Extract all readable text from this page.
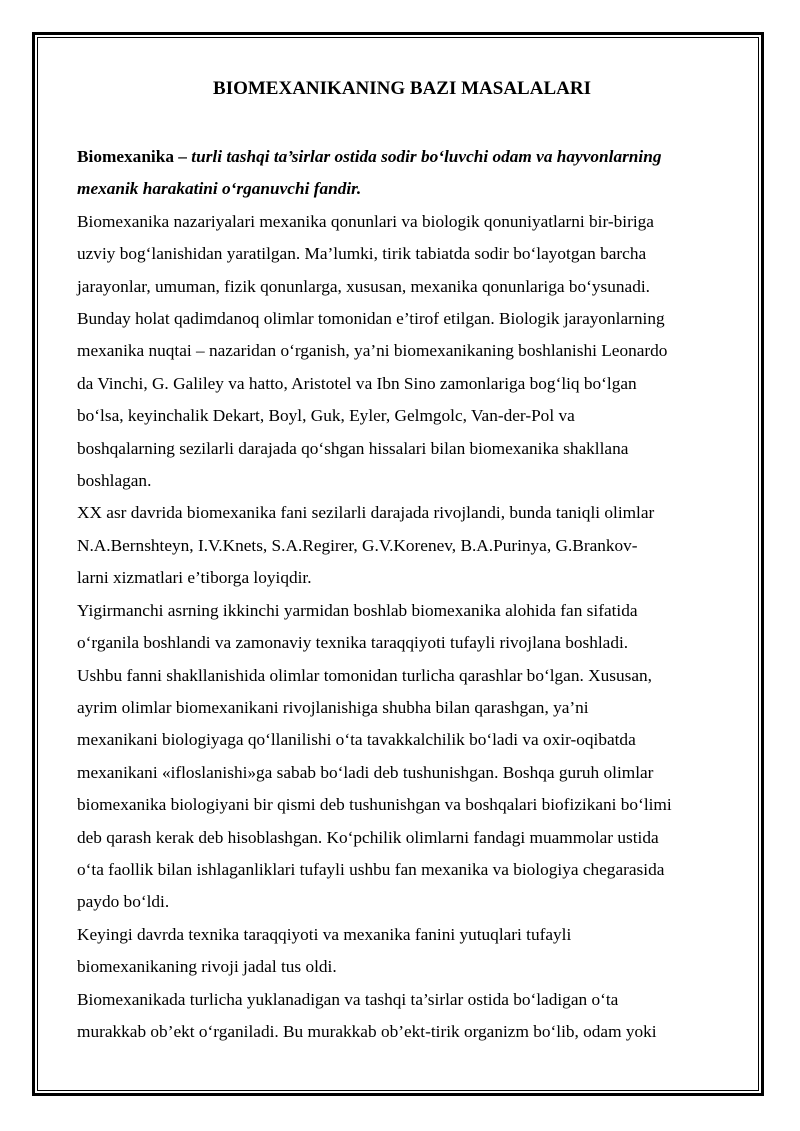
BIOMEXANIKANING BAZI MASALALARI

Biomexanika – turli tashqi ta’sirlar ostida sodir bo‘luvchi odam va hayvonlarning
mexanik harakatini o‘rganuvchi fandir.

Biomexanika nazariyalari mexanika qonunlari va biologik qonuniyatlarni bir-biriga
uzviy bog‘lanishidan yaratilgan. Ma’lumki, tirik tabiatda sodir bo‘layotgan barcha
jarayonlar, umuman, fizik qonunlarga, xususan, mexanika qonunlariga bo‘ysunadi.
Bunday holat qadimdanoq olimlar tomonidan e’tirof etilgan. Biologik jarayonlarning
mexanika nuqtai – nazaridan o‘rganish, ya’ni biomexanikaning boshlanishi Leonardo
da Vinchi, G. Galiley va hatto, Aristotel va Ibn Sino zamonlariga bog‘liq bo‘lgan
bo‘lsa, keyinchalik Dekart, Boyl, Guk, Eyler, Gelmgolc, Van-der-Pol va
boshqalarning sezilarli darajada qo‘shgan hissalari bilan biomexanika shakllana
boshlagan.

XX asr davrida biomexanika fani sezilarli darajada rivojlandi, bunda taniqli olimlar
N.A.Bernshteyn, I.V.Knets, S.A.Regirer, G.V.Korenev, B.A.Purinya, G.Brankov-
larni xizmatlari e’tiborga loyiqdir.

Yigirmanchi asrning ikkinchi yarmidan boshlab biomexanika alohida fan sifatida
o‘rganila boshlandi va zamonaviy texnika taraqqiyoti tufayli rivojlana boshladi.
Ushbu fanni shakllanishida olimlar tomonidan turlicha qarashlar bo‘lgan. Xususan,
ayrim olimlar biomexanikani rivojlanishiga shubha bilan qarashgan, ya’ni
mexanikani biologiyaga qo‘llanilishi o‘ta tavakkalchilik bo‘ladi va oxir-oqibatda
mexanikani «ifloslanishi»ga sabab bo‘ladi deb tushunishgan. Boshqa guruh olimlar
biomexanika biologiyani bir qismi deb tushunishgan va boshqalari biofizikani bo‘limi
deb qarash kerak deb hisoblashgan. Ko‘pchilik olimlarni fandagi muammolar ustida
o‘ta faollik bilan ishlaganliklari tufayli ushbu fan mexanika va biologiya chegarasida
paydo bo‘ldi.

Keyingi davrda texnika taraqqiyoti va mexanika fanini yutuqlari tufayli
biomexanikaning rivoji jadal tus oldi.

Biomexanikada turlicha yuklanadigan va tashqi ta’sirlar ostida bo‘ladigan o‘ta
murakkab ob’ekt o‘rganiladi. Bu murakkab ob’ekt-tirik organizm bo‘lib, odam yoki
